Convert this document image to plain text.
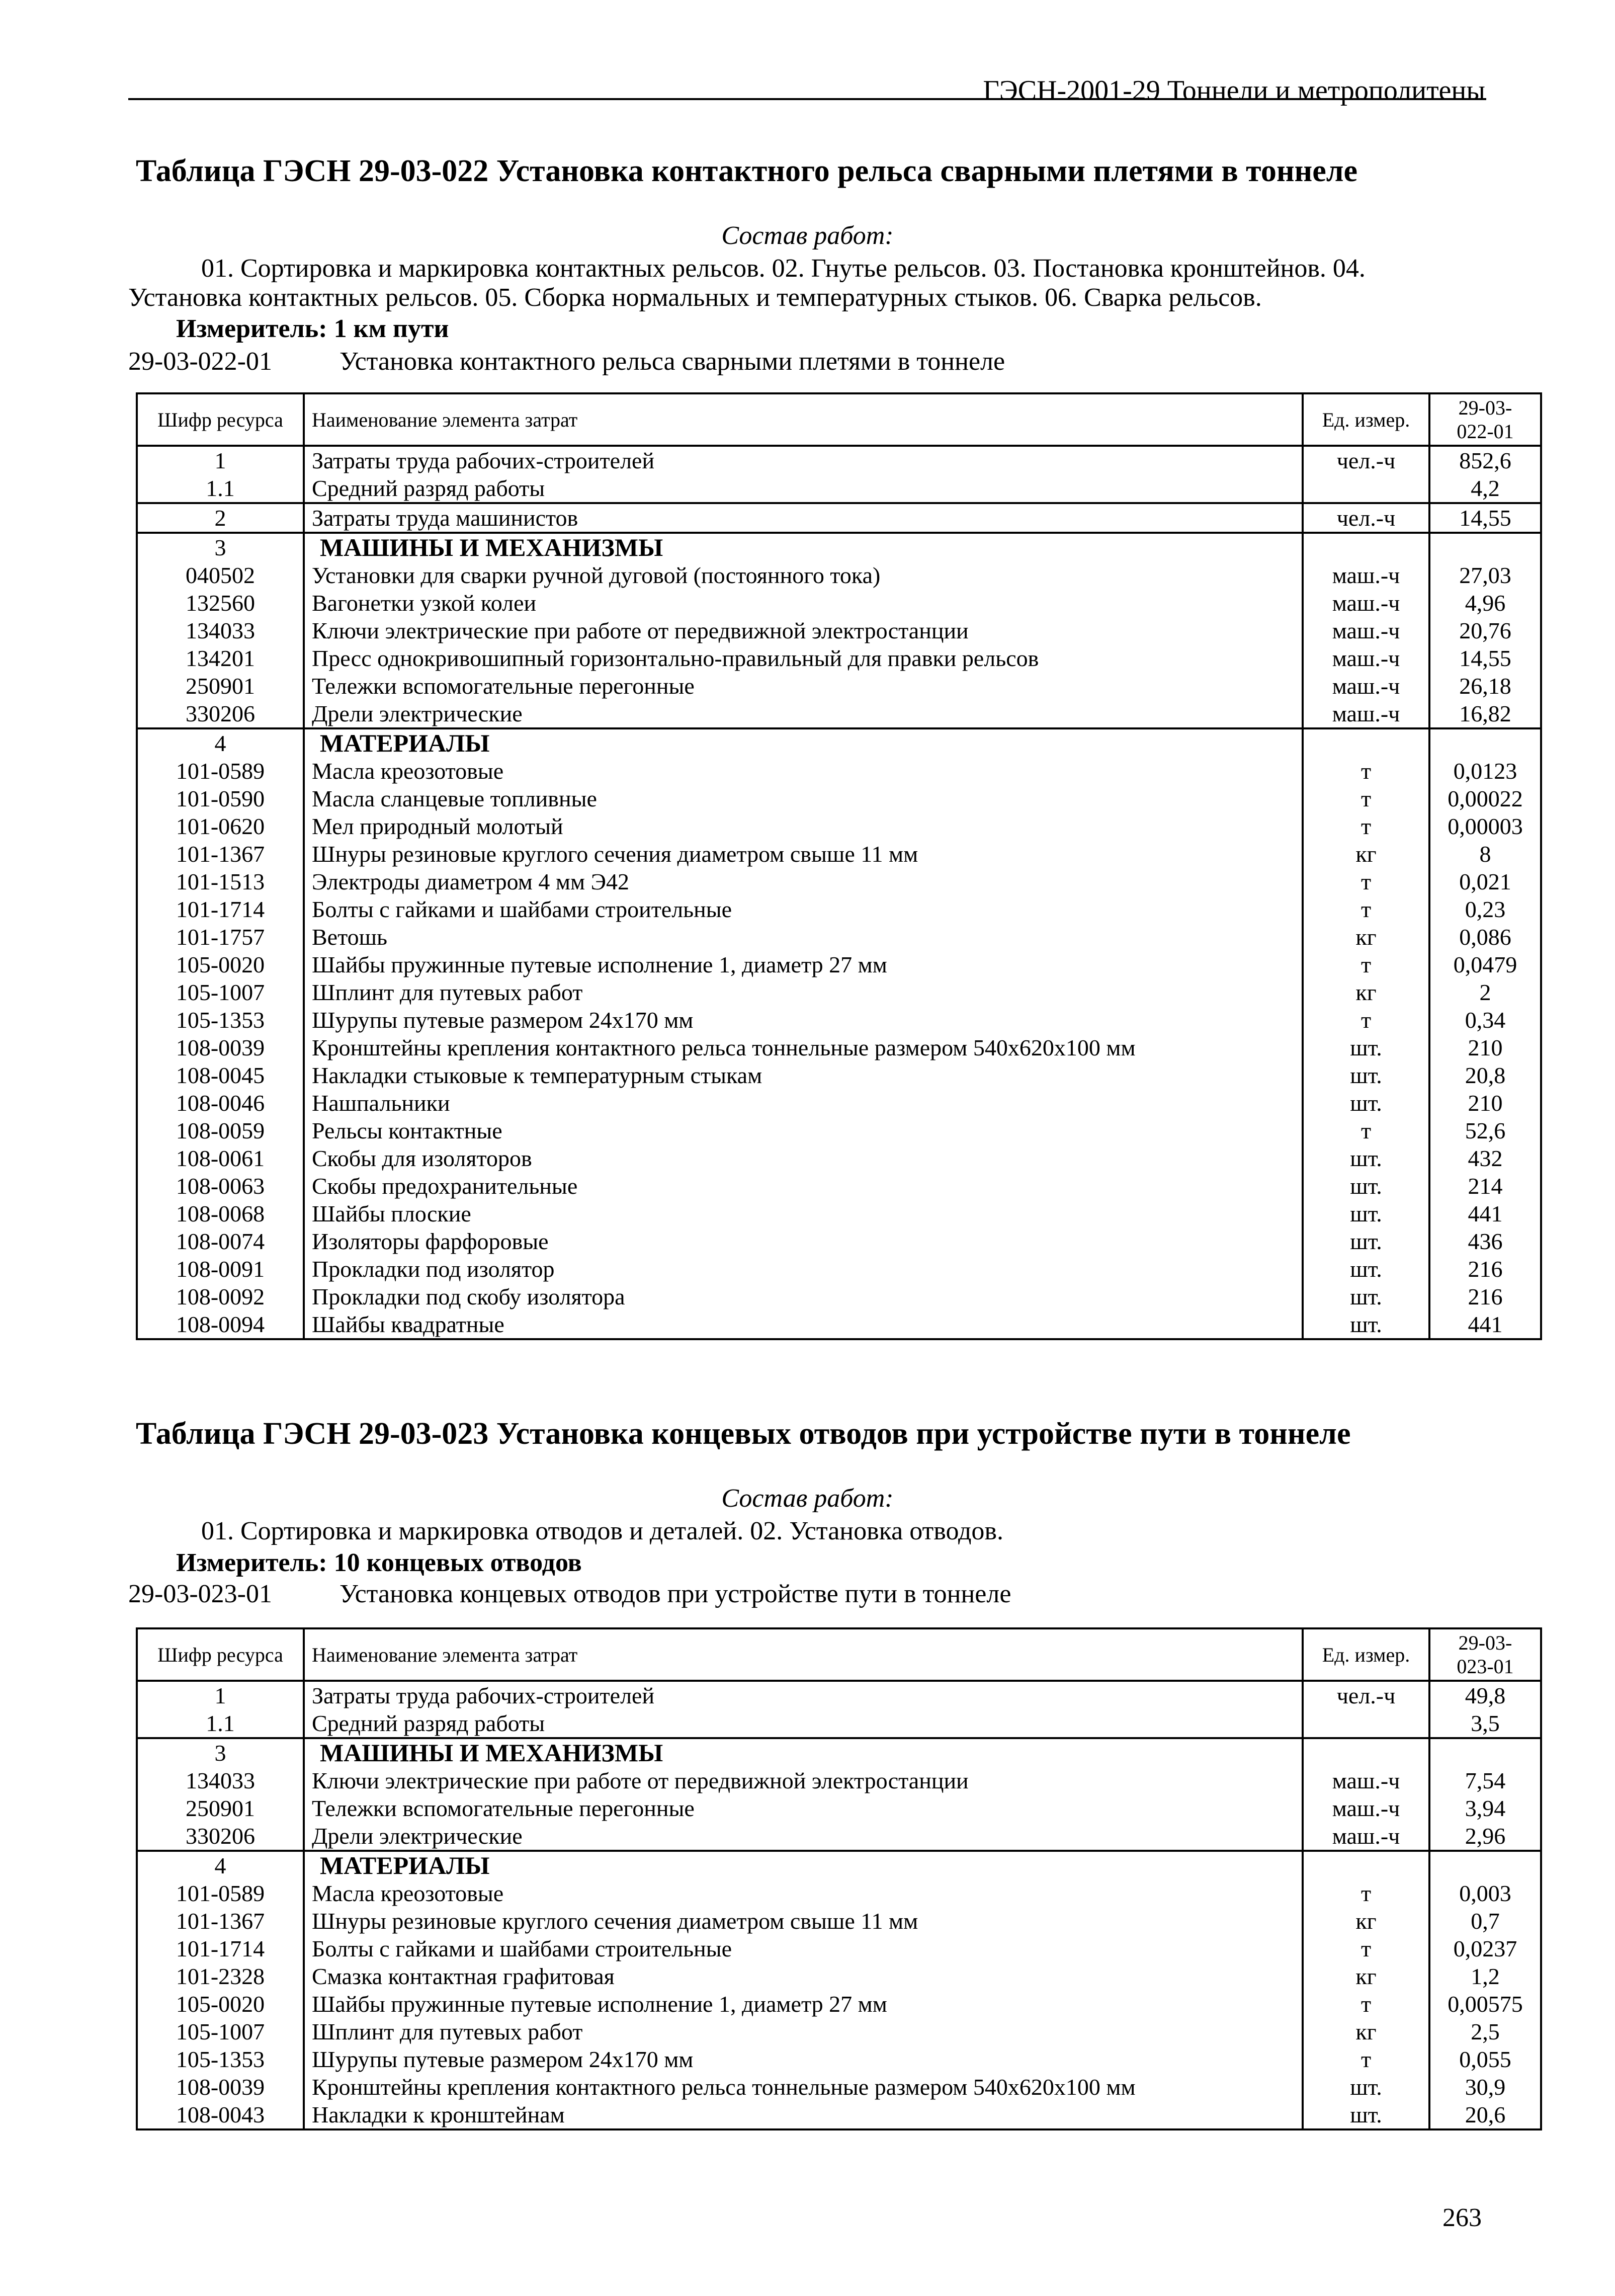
ГЭСН-2001-29 Тоннели и метрополитены
Таблица ГЭСН 29-03-022 Установка контактного рельса сварными плетями в тоннеле
Состав работ:
01. Сортировка и маркировка контактных рельсов. 02. Гнутье рельсов. 03. Постановка кронштейнов. 04.
Установка контактных рельсов. 05. Сборка нормальных и температурных стыков. 06. Сварка рельсов.
Измеритель: 1 км пути
29-03-022-01	Установка контактного рельса сварными плетями в тоннеле
Шифр ресурса	Наименование элемента затрат	Ед. измер.	29-03-
022-01

1	Затраты труда рабочих-строителей	чел.-ч	852,6
1.1	Средний разряд работы		4,2
2	Затраты труда машинистов	чел.-ч	14,55
3	МАШИНЫ И МЕХАНИЗМЫ		
040502	Установки для сварки ручной дуговой (постоянного тока)	маш.-ч	27,03
132560	Вагонетки узкой колеи	маш.-ч	4,96
134033	Ключи электрические при работе от передвижной электростанции	маш.-ч	20,76
134201	Пресс однокривошипный горизонтально-правильный для правки рельсов	маш.-ч	14,55
250901	Тележки вспомогательные перегонные	маш.-ч	26,18
330206	Дрели электрические	маш.-ч	16,82
4	МАТЕРИАЛЫ		
101-0589	Масла креозотовые	т	0,0123
101-0590	Масла сланцевые топливные	т	0,00022
101-0620	Мел природный молотый	т	0,00003
101-1367	Шнуры резиновые круглого сечения диаметром свыше 11 мм	кг	8
101-1513	Электроды диаметром 4 мм Э42	т	0,021
101-1714	Болты с гайками и шайбами строительные	т	0,23
101-1757	Ветошь	кг	0,086
105-0020	Шайбы пружинные путевые исполнение 1, диаметр 27 мм	т	0,0479
105-1007	Шплинт для путевых работ	кг	2
105-1353	Шурупы путевые размером 24x170 мм	т	0,34
108-0039	Кронштейны крепления контактного рельса тоннельные размером 540x620x100 мм	шт.	210
108-0045	Накладки стыковые к температурным стыкам	шт.	20,8
108-0046	Нашпальники	шт.	210
108-0059	Рельсы контактные	т	52,6
108-0061	Скобы для изоляторов	шт.	432
108-0063	Скобы предохранительные	шт.	214
108-0068	Шайбы плоские	шт.	441
108-0074	Изоляторы фарфоровые	шт.	436
108-0091	Прокладки под изолятор	шт.	216
108-0092	Прокладки под скобу изолятора	шт.	216
108-0094	Шайбы квадратные	шт.	441
Таблица ГЭСН 29-03-023 Установка концевых отводов при устройстве пути в тоннеле
Состав работ:
01. Сортировка и маркировка отводов и деталей. 02. Установка отводов.
Измеритель: 10 концевых отводов
29-03-023-01	Установка концевых отводов при устройстве пути в тоннеле
Шифр ресурса	Наименование элемента затрат	Ед. измер.	29-03-
023-01

1	Затраты труда рабочих-строителей	чел.-ч	49,8
1.1	Средний разряд работы		3,5
3	МАШИНЫ И МЕХАНИЗМЫ		
134033	Ключи электрические при работе от передвижной электростанции	маш.-ч	7,54
250901	Тележки вспомогательные перегонные	маш.-ч	3,94
330206	Дрели электрические	маш.-ч	2,96
4	МАТЕРИАЛЫ		
101-0589	Масла креозотовые	т	0,003
101-1367	Шнуры резиновые круглого сечения диаметром свыше 11 мм	кг	0,7
101-1714	Болты с гайками и шайбами строительные	т	0,0237
101-2328	Смазка контактная графитовая	кг	1,2
105-0020	Шайбы пружинные путевые исполнение 1, диаметр 27 мм	т	0,00575
105-1007	Шплинт для путевых работ	кг	2,5
105-1353	Шурупы путевые размером 24x170 мм	т	0,055
108-0039	Кронштейны крепления контактного рельса тоннельные размером 540x620x100 мм	шт.	30,9
108-0043	Накладки к кронштейнам	шт.	20,6
263
